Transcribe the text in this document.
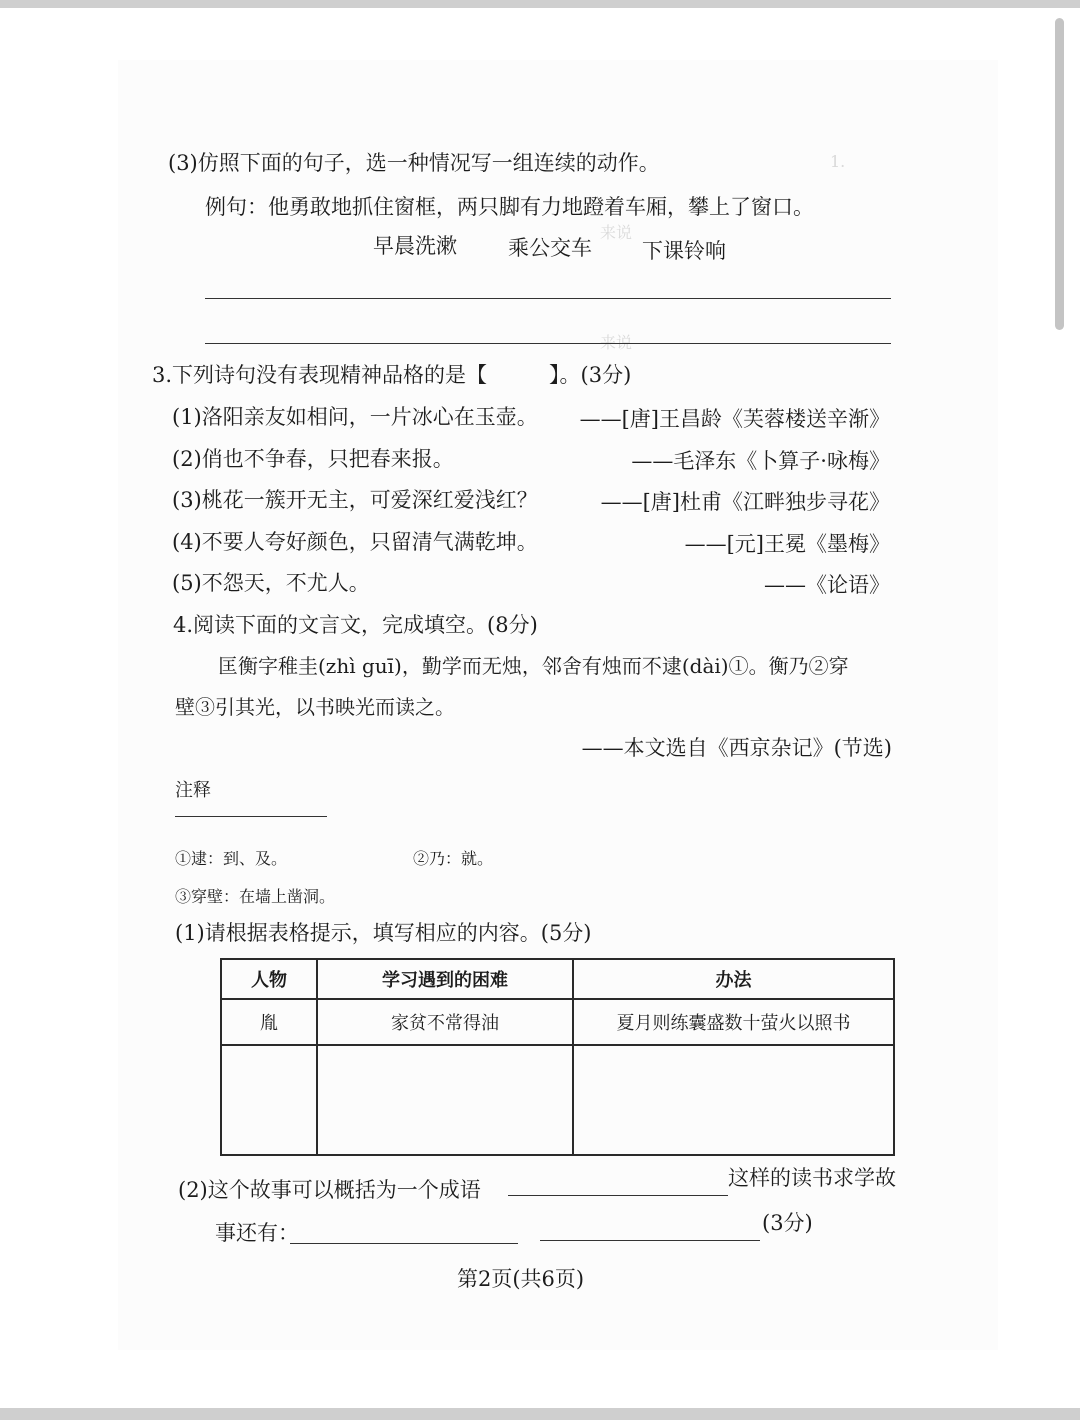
1.
来说
来说
(3)仿照下面的句子，选一种情况写一组连续的动作。
例句：他勇敢地抓住窗框，两只脚有力地蹬着车厢，攀上了窗口。
早晨洗漱 乘公交车 下课铃响
3.下列诗句没有表现精神品格的是【	】。(3分)
(1)洛阳亲友如相问，一片冰心在玉壶。	——[唐]王昌龄《芙蓉楼送辛渐》
(2)俏也不争春，只把春来报。	——毛泽东《卜算子·咏梅》
(3)桃花一簇开无主，可爱深红爱浅红？	——[唐]杜甫《江畔独步寻花》
(4)不要人夸好颜色，只留清气满乾坤。	——[元]王冕《墨梅》
(5)不怨天，不尤人。	——《论语》
4.阅读下面的文言文，完成填空。(8分)
匡衡字稚圭(zhì guī)，勤学而无烛，邻舍有烛而不逮(dài)①。衡乃②穿
壁③引其光，以书映光而读之。
——本文选自《西京杂记》(节选)
注释
①逮：到、及。	②乃：就。
③穿壁：在墙上凿洞。
(1)请根据表格提示，填写相应的内容。(5分)
人物	学习遇到的困难	办法
胤	家贫不常得油	夏月则练囊盛数十萤火以照书

(2)这个故事可以概括为一个成语	这样的读书求学故
事还有：	(3分)
第2页(共6页)
